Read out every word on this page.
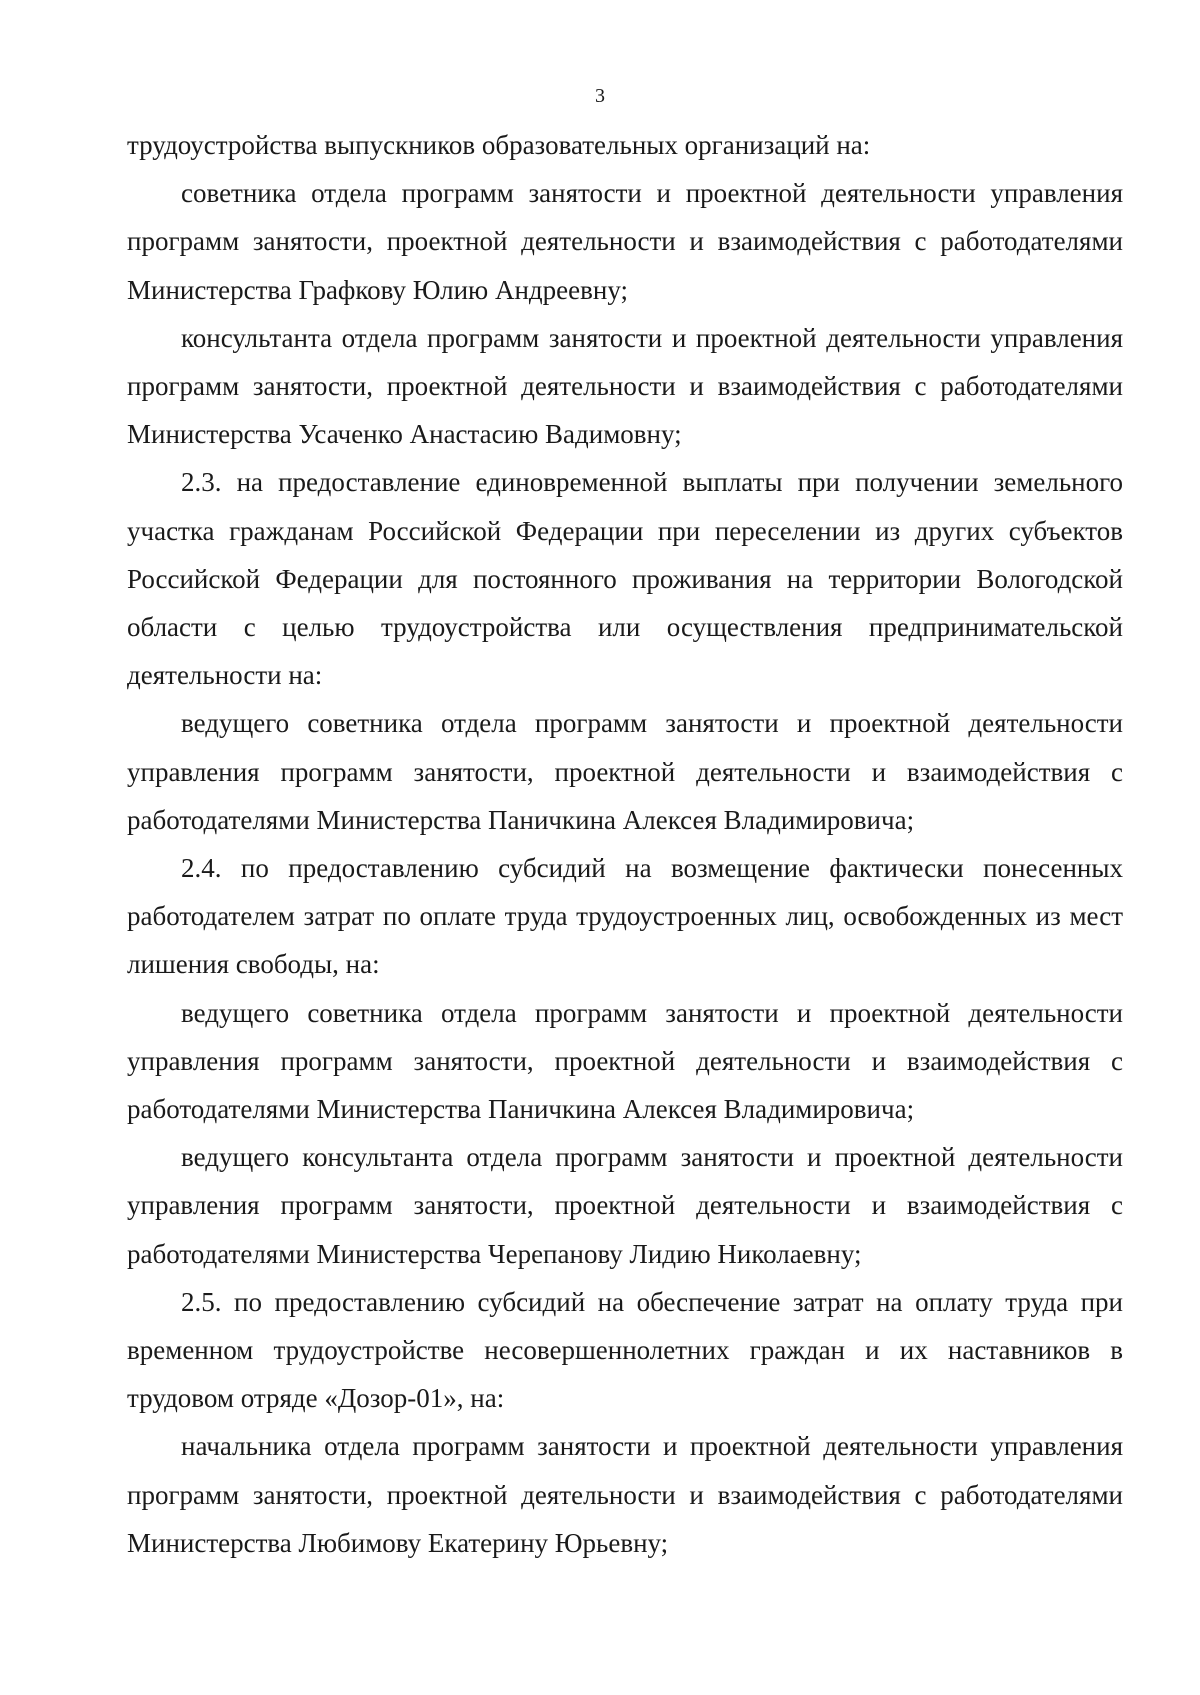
3

трудоустройства выпускников образовательных организаций на:

советника отдела программ занятости и проектной деятельности управления программ занятости, проектной деятельности и взаимодействия с работодателями Министерства Графкову Юлию Андреевну;

консультанта отдела программ занятости и проектной деятельности управления программ занятости, проектной деятельности и взаимодействия с работодателями Министерства Усаченко Анастасию Вадимовну;

2.3. на предоставление единовременной выплаты при получении земельного участка гражданам Российской Федерации при переселении из других субъектов Российской Федерации для постоянного проживания на территории Вологодской области с целью трудоустройства или осуществления предпринимательской деятельности на:

ведущего советника отдела программ занятости и проектной деятельности управления программ занятости, проектной деятельности и взаимодействия с работодателями Министерства Паничкина Алексея Владимировича;

2.4. по предоставлению субсидий на возмещение фактически понесенных работодателем затрат по оплате труда трудоустроенных лиц, освобожденных из мест лишения свободы, на:

ведущего советника отдела программ занятости и проектной деятельности управления программ занятости, проектной деятельности и взаимодействия с работодателями Министерства Паничкина Алексея Владимировича;

ведущего консультанта отдела программ занятости и проектной деятельности управления программ занятости, проектной деятельности и взаимодействия с работодателями Министерства Черепанову Лидию Николаевну;

2.5. по предоставлению субсидий на обеспечение затрат на оплату труда при временном трудоустройстве несовершеннолетних граждан и их наставников в трудовом отряде «Дозор-01», на:

начальника отдела программ занятости и проектной деятельности управления программ занятости, проектной деятельности и взаимодействия с работодателями Министерства Любимову Екатерину Юрьевну;
